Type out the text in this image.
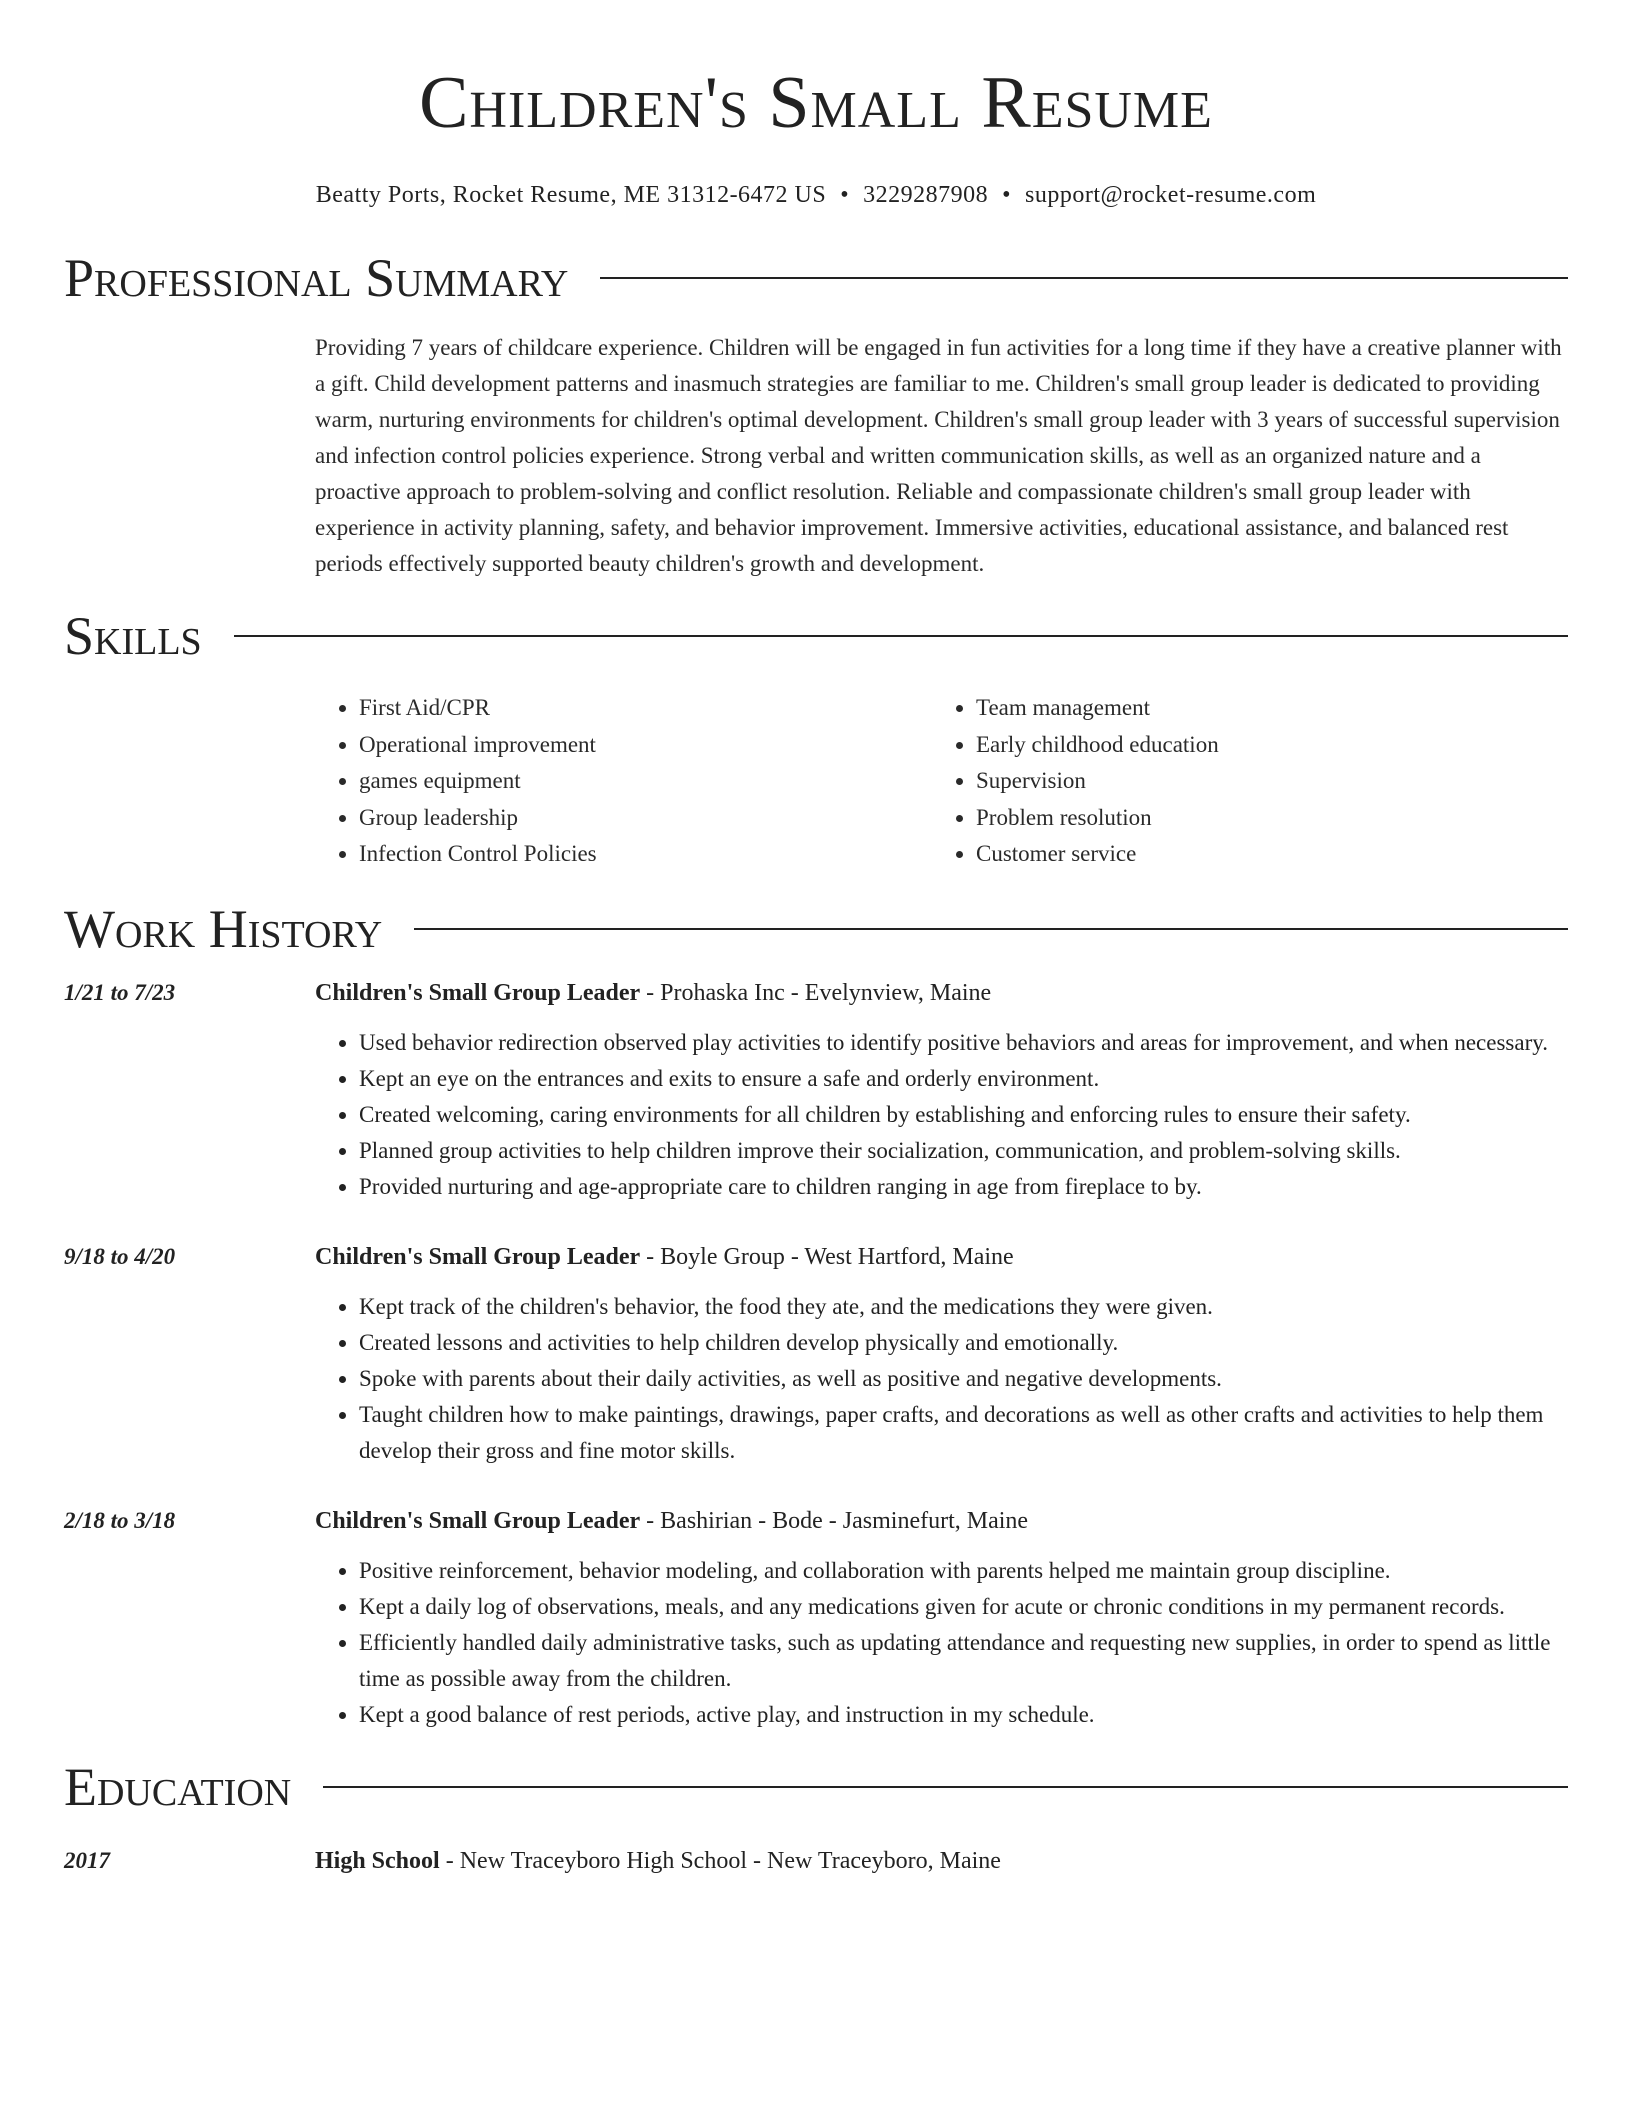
Children's Small Resume
Beatty Ports, Rocket Resume, ME 31312-6472 US • 3229287908 • support@rocket-resume.com
Professional Summary
Providing 7 years of childcare experience. Children will be engaged in fun activities for a long time if they have a creative planner with a gift. Child development patterns and inasmuch strategies are familiar to me. Children's small group leader is dedicated to providing warm, nurturing environments for children's optimal development. Children's small group leader with 3 years of successful supervision and infection control policies experience. Strong verbal and written communication skills, as well as an organized nature and a proactive approach to problem-solving and conflict resolution. Reliable and compassionate children's small group leader with experience in activity planning, safety, and behavior improvement. Immersive activities, educational assistance, and balanced rest periods effectively supported beauty children's growth and development.
Skills
• First Aid/CPR
• Operational improvement
• games equipment
• Group leadership
• Infection Control Policies
• Team management
• Early childhood education
• Supervision
• Problem resolution
• Customer service
Work History
1/21 to 7/23	Children's Small Group Leader - Prohaska Inc - Evelynview, Maine
• Used behavior redirection observed play activities to identify positive behaviors and areas for improvement, and when necessary.
• Kept an eye on the entrances and exits to ensure a safe and orderly environment.
• Created welcoming, caring environments for all children by establishing and enforcing rules to ensure their safety.
• Planned group activities to help children improve their socialization, communication, and problem-solving skills.
• Provided nurturing and age-appropriate care to children ranging in age from fireplace to by.
9/18 to 4/20	Children's Small Group Leader - Boyle Group - West Hartford, Maine
• Kept track of the children's behavior, the food they ate, and the medications they were given.
• Created lessons and activities to help children develop physically and emotionally.
• Spoke with parents about their daily activities, as well as positive and negative developments.
• Taught children how to make paintings, drawings, paper crafts, and decorations as well as other crafts and activities to help them develop their gross and fine motor skills.
2/18 to 3/18	Children's Small Group Leader - Bashirian - Bode - Jasminefurt, Maine
• Positive reinforcement, behavior modeling, and collaboration with parents helped me maintain group discipline.
• Kept a daily log of observations, meals, and any medications given for acute or chronic conditions in my permanent records.
• Efficiently handled daily administrative tasks, such as updating attendance and requesting new supplies, in order to spend as little time as possible away from the children.
• Kept a good balance of rest periods, active play, and instruction in my schedule.
Education
2017	High School - New Traceyboro High School - New Traceyboro, Maine
